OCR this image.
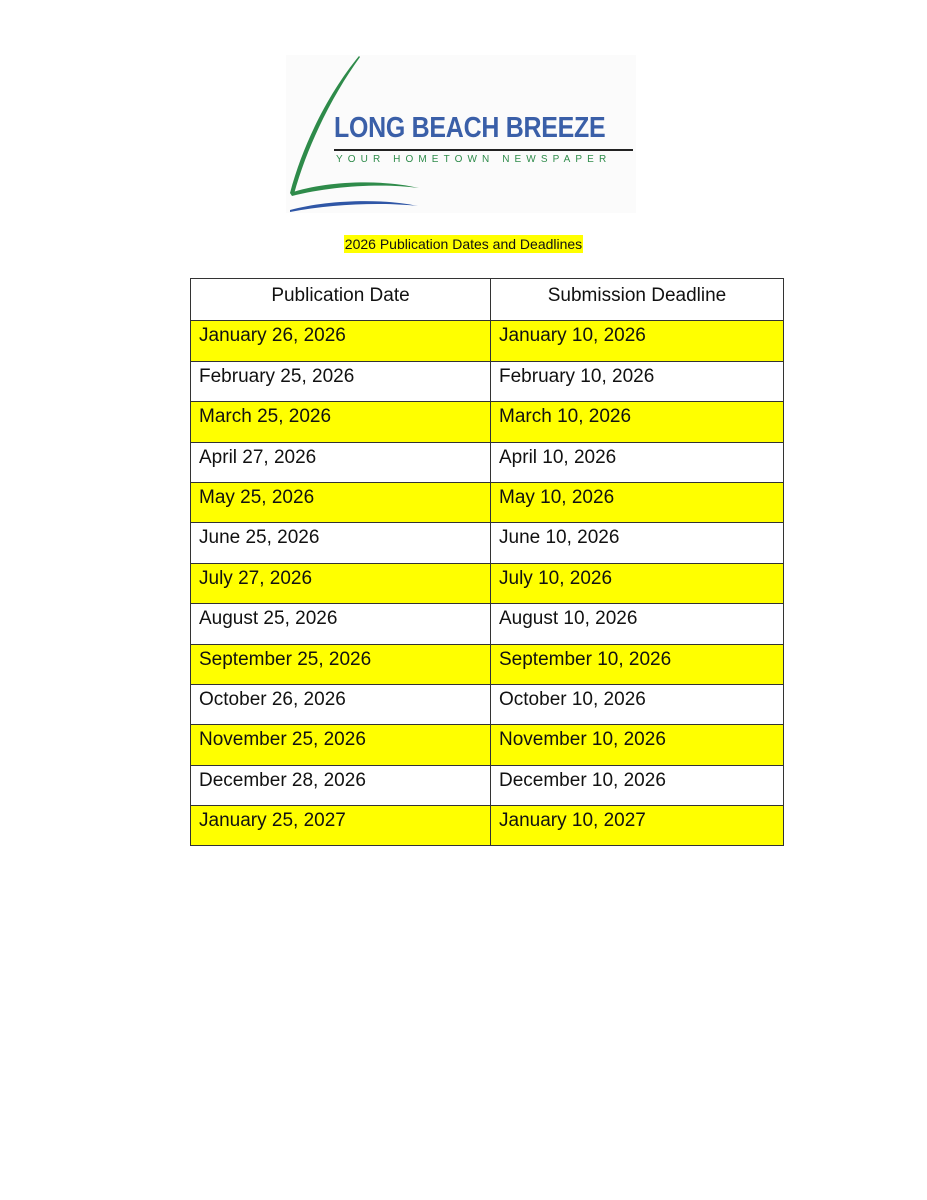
LONG BEACH BREEZE
YOUR HOMETOWN NEWSPAPER
2026 Publication Dates and Deadlines
Publication Date	Submission Deadline
January 26, 2026	January 10, 2026
February 25, 2026	February 10, 2026
March 25, 2026	March 10, 2026
April 27, 2026	April 10, 2026
May 25, 2026	May 10, 2026
June 25, 2026	June 10, 2026
July 27, 2026	July 10, 2026
August 25, 2026	August 10, 2026
September 25, 2026	September 10, 2026
October 26, 2026	October 10, 2026
November 25, 2026	November 10, 2026
December 28, 2026	December 10, 2026
January 25, 2027	January 10, 2027
